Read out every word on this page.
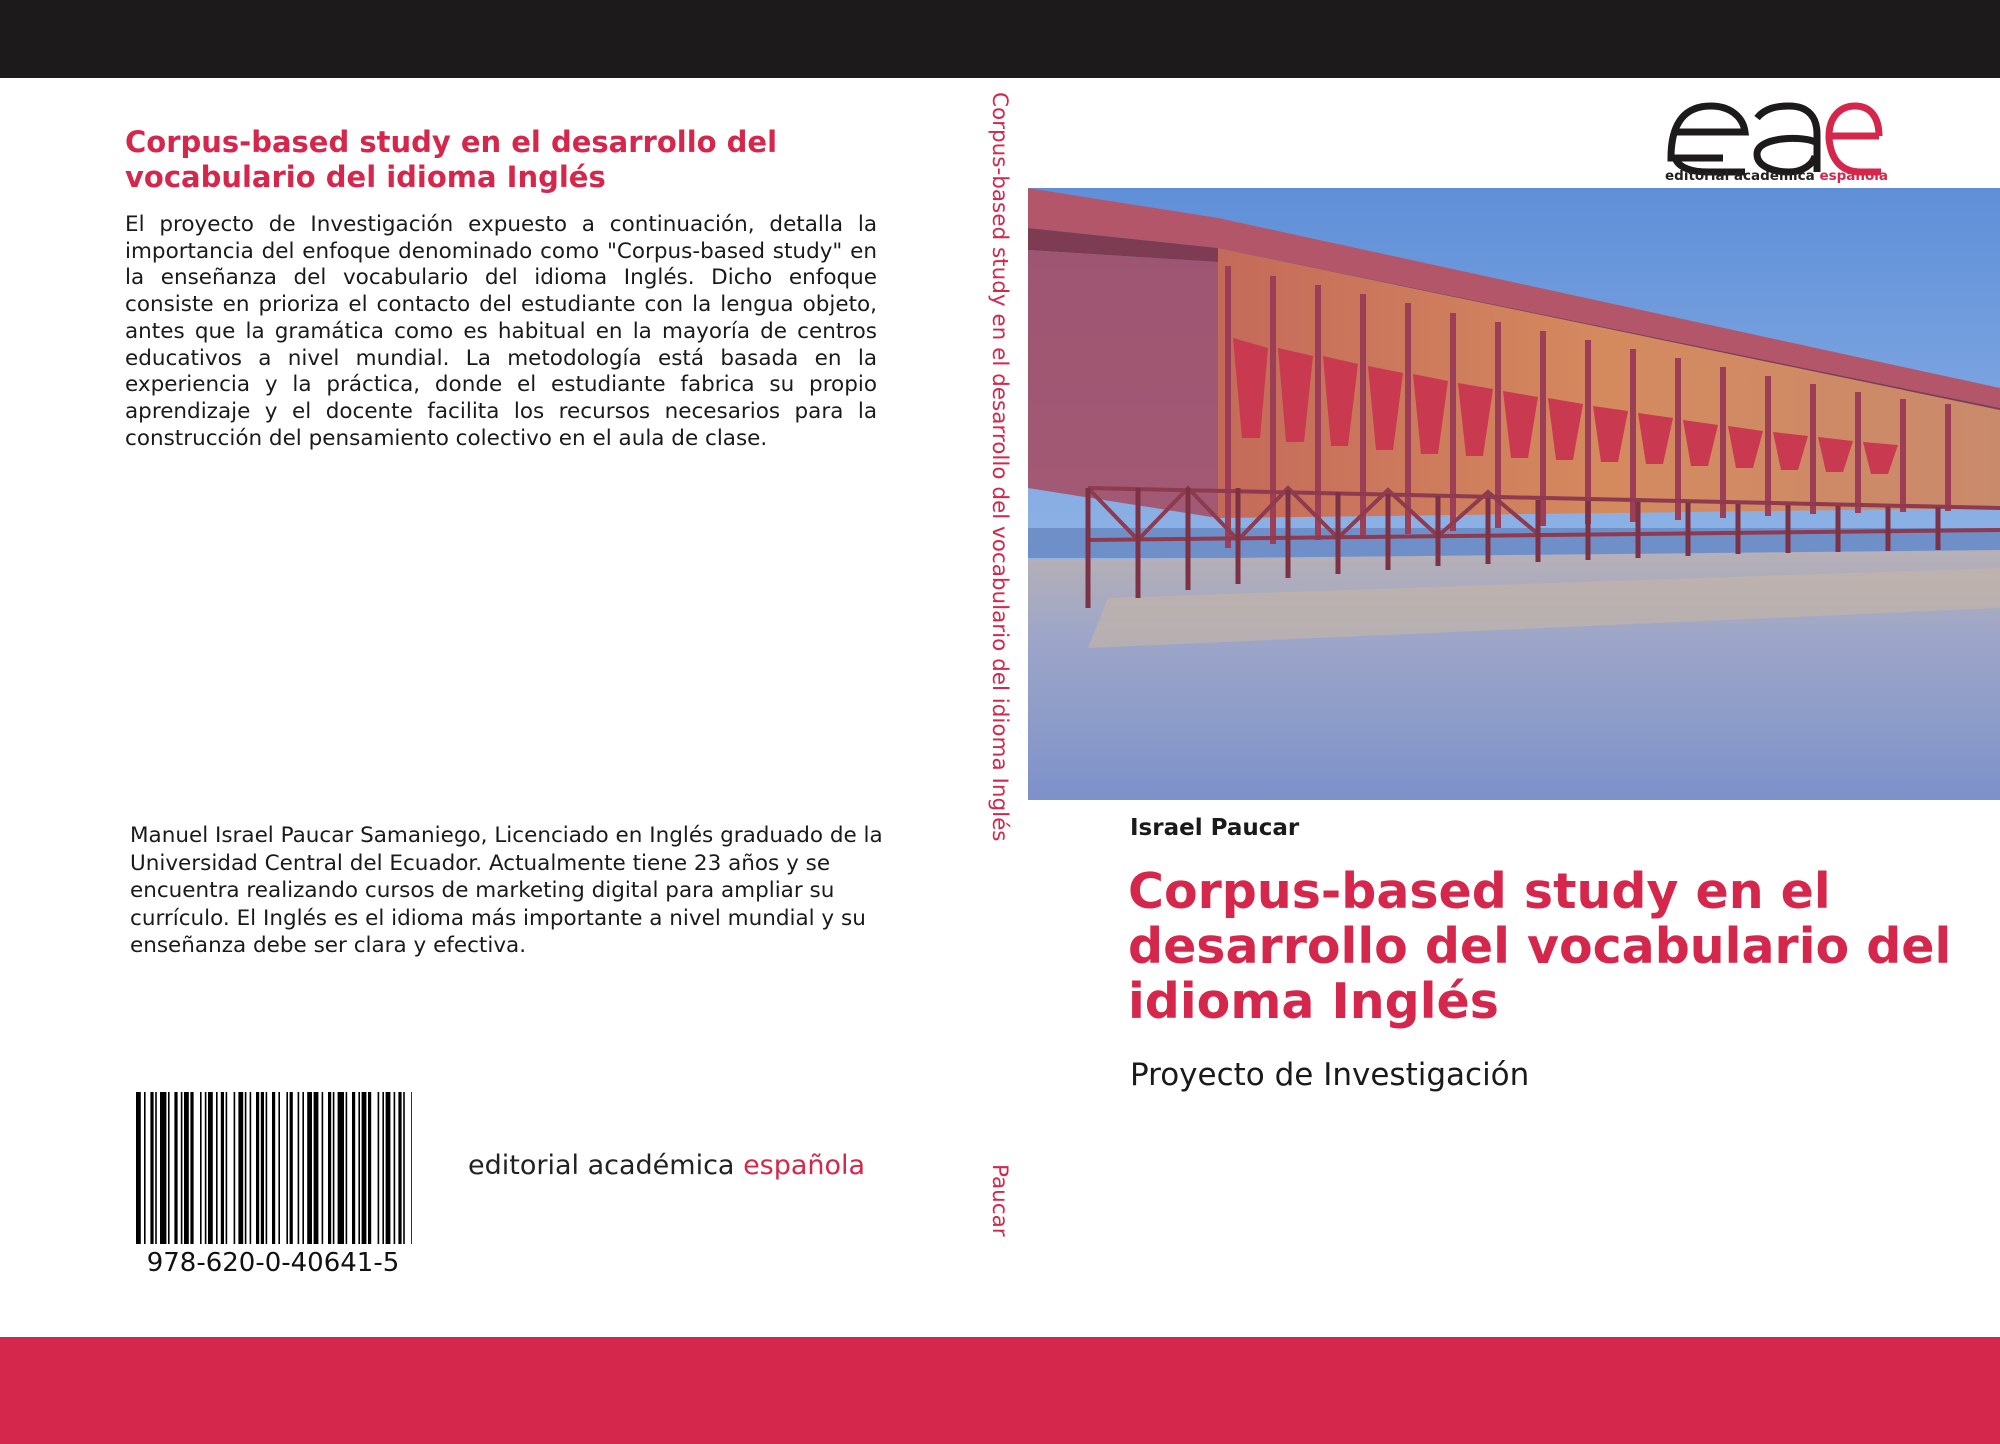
Corpus-based study en el desarrollo del vocabulario del idioma Inglés

El proyecto de Investigación expuesto a continuación, detalla la importancia del enfoque denominado como "Corpus-based study" en la enseñanza del vocabulario del idioma Inglés. Dicho enfoque consiste en prioriza el contacto del estudiante con la lengua objeto, antes que la gramática como es habitual en la mayoría de centros educativos a nivel mundial. La metodología está basada en la experiencia y la práctica, donde el estudiante fabrica su propio aprendizaje y el docente facilita los recursos necesarios para la construcción del pensamiento colectivo en el aula de clase.

Manuel Israel Paucar Samaniego, Licenciado en Inglés graduado de la Universidad Central del Ecuador. Actualmente tiene 23 años y se encuentra realizando cursos de marketing digital para ampliar su currículo. El Inglés es el idioma más importante a nivel mundial y su enseñanza debe ser clara y efectiva.

978-620-0-40641-5
editorial académica española
Corpus-based study en el desarrollo del vocabulario del idioma Inglés
Paucar
editorial académica española
Israel Paucar
Corpus-based study en el desarrollo del vocabulario del idioma Inglés
Proyecto de Investigación
